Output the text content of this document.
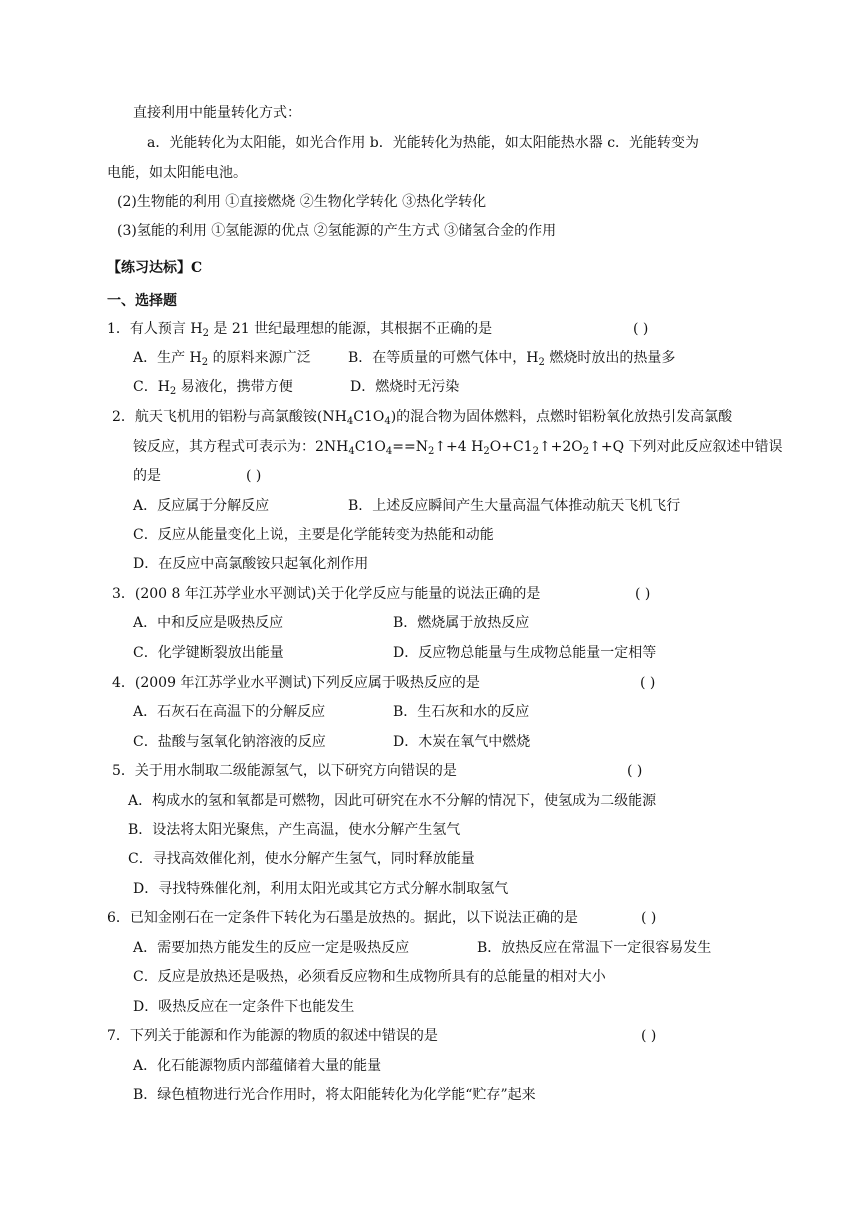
直接利用中能量转化方式：
a．光能转化为太阳能，如光合作用 b．光能转化为热能，如太阳能热水器 c．光能转变为
电能，如太阳能电池。
(2)生物能的利用 ①直接燃烧 ②生物化学转化 ③热化学转化
(3)氢能的利用 ①氢能源的优点 ②氢能源的产生方式 ③储氢合金的作用
【练习达标】C
一、选择题
1．有人预言 $H_2$ 是 21 世纪最理想的能源，其根据不正确的是	( )
A．生产 $H_2$ 的原料来源广泛	B．在等质量的可燃气体中，$H_2$ 燃烧时放出的热量多
C．$H_2$ 易液化，携带方便	D．燃烧时无污染
2．航天飞机用的铝粉与高氯酸铵$(NH_4C1O_4)$的混合物为固体燃料，点燃时铝粉氧化放热引发高氯酸
铵反应，其方程式可表示为：$2NH_4C1O_4==N_2↑+4$ $H_2O+C1_2↑+2O_2↑+Q$ 下列对此反应叙述中错误
的是	( )
A．反应属于分解反应	B．上述反应瞬间产生大量高温气体推动航天飞机飞行
C．反应从能量变化上说，主要是化学能转变为热能和动能
D．在反应中高氯酸铵只起氧化剂作用
3．(200 8 年江苏学业水平测试)关于化学反应与能量的说法正确的是	( )
A．中和反应是吸热反应	B．燃烧属于放热反应
C．化学键断裂放出能量	D．反应物总能量与生成物总能量一定相等
4．(2009 年江苏学业水平测试)下列反应属于吸热反应的是	( )
A．石灰石在高温下的分解反应	B．生石灰和水的反应
C．盐酸与氢氧化钠溶液的反应	D．木炭在氧气中燃烧
5．关于用水制取二级能源氢气，以下研究方向错误的是	( )
A．构成水的氢和氧都是可燃物，因此可研究在水不分解的情况下，使氢成为二级能源
B．设法将太阳光聚焦，产生高温，使水分解产生氢气
C．寻找高效催化剂，使水分解产生氢气，同时释放能量
D．寻找特殊催化剂，利用太阳光或其它方式分解水制取氢气
6．已知金刚石在一定条件下转化为石墨是放热的。据此，以下说法正确的是	( )
A．需要加热方能发生的反应一定是吸热反应	B．放热反应在常温下一定很容易发生
C．反应是放热还是吸热，必须看反应物和生成物所具有的总能量的相对大小
D．吸热反应在一定条件下也能发生
7．下列关于能源和作为能源的物质的叙述中错误的是	( )
A．化石能源物质内部蕴储着大量的能量
B．绿色植物进行光合作用时，将太阳能转化为化学能“贮存”起来
